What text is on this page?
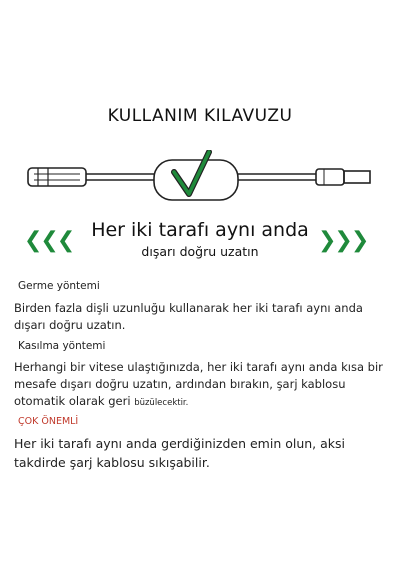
KULLANIM KILAVUZU
❮❮❮ Her iki tarafı aynı anda
dışarı doğru uzatın	❯❯❯
Germe yöntemi
Birden fazla dişli uzunluğu kullanarak her iki tarafı aynı anda dışarı doğru uzatın.
Kasılma yöntemi
Herhangi bir vitese ulaştığınızda, her iki tarafı aynı anda kısa bir mesafe dışarı doğru uzatın, ardından bırakın, şarj kablosu otomatik olarak geri büzülecektir.
ÇOK ÖNEMLİ
Her iki tarafı aynı anda gerdiğinizden emin olun, aksi takdirde şarj kablosu sıkışabilir.
